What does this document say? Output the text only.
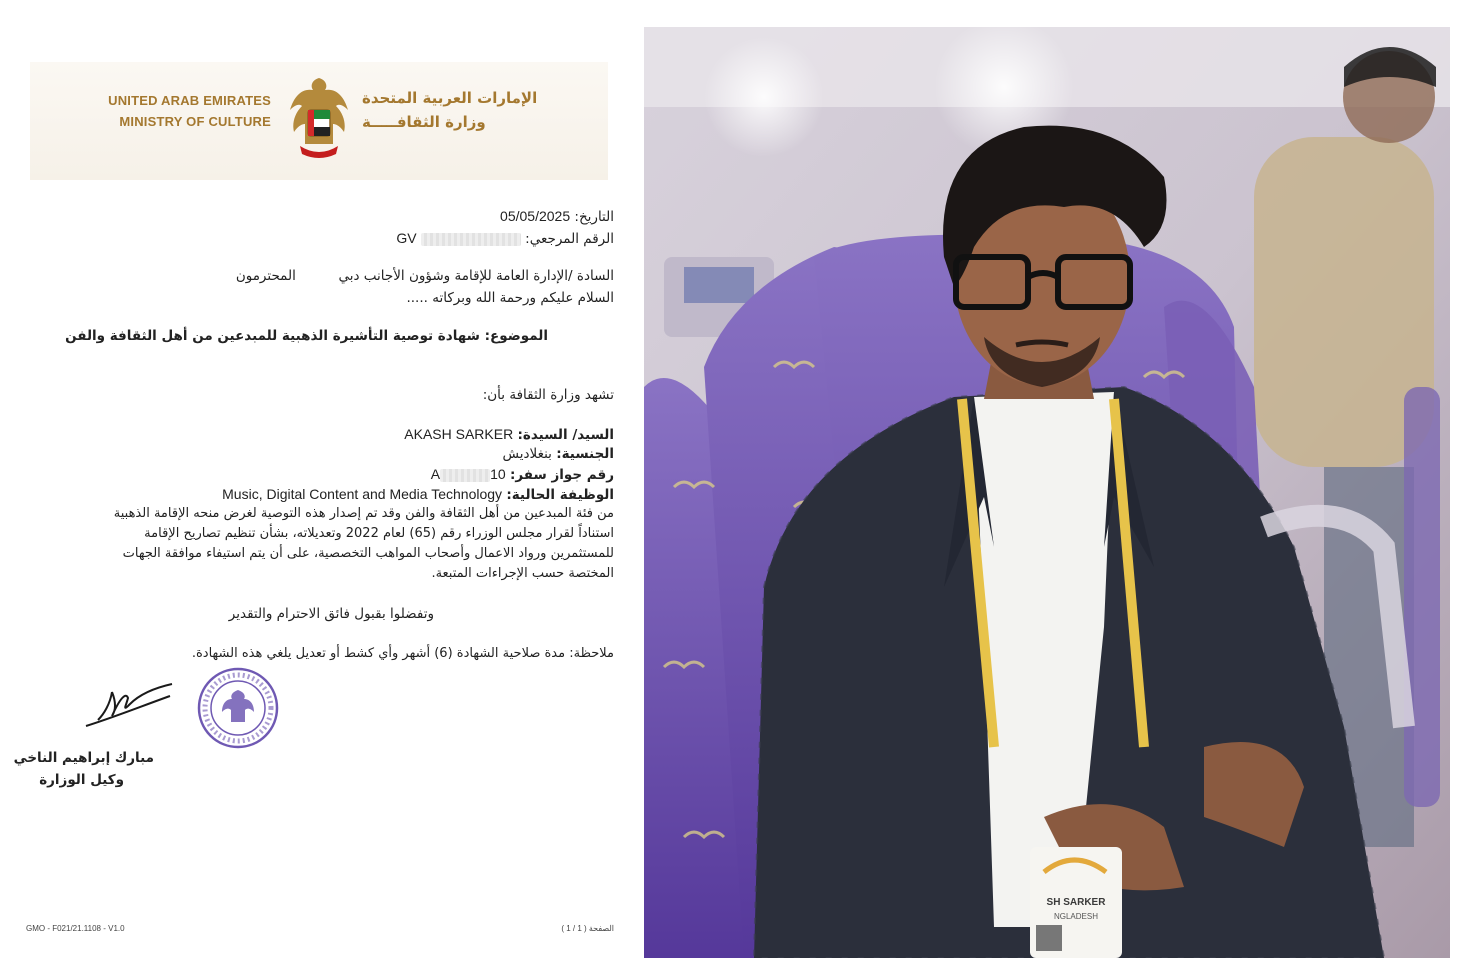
UNITED ARAB EMIRATES
MINISTRY OF CULTURE
الإمارات العربية المتحدة
وزارة الثقافـــــة
التاريخ: 05/05/2025
الرقم المرجعي:  GV
السادة /الإدارة العامة للإقامة وشؤون الأجانب دبي  المحترمون
السلام عليكم ورحمة الله وبركاته .....
الموضوع: شهادة توصية التأشيرة الذهبية للمبدعين من أهل الثقافة والفن
تشهد وزارة الثقافة بأن:
السيد/ السيدة: AKASH SARKER
الجنسية: بنغلاديش
رقم جواز سفر: A	10
الوظيفة الحالية: Music, Digital Content and Media Technology
من فئة المبدعين من أهل الثقافة والفن وقد تم إصدار هذه التوصية لغرض منحه الإقامة الذهبية
استناداً لقرار مجلس الوزراء رقم (65) لعام 2022 وتعديلاته، بشأن تنظيم تصاريح الإقامة
للمستثمرين ورواد الاعمال وأصحاب المواهب التخصصية، على أن يتم استيفاء موافقة الجهات
المختصة حسب الإجراءات المتبعة.
وتفضلوا بقبول فائق الاحترام والتقدير
ملاحظة: مدة صلاحية الشهادة (6) أشهر وأي كشط أو تعديل يلغي هذه الشهادة.
مبارك إبراهيم الناخي
وكيل الوزارة
GMO - F021/21.1108 - V1.0	الصفحة ( 1 / 1 )
SH SARKER
NGLADESH
